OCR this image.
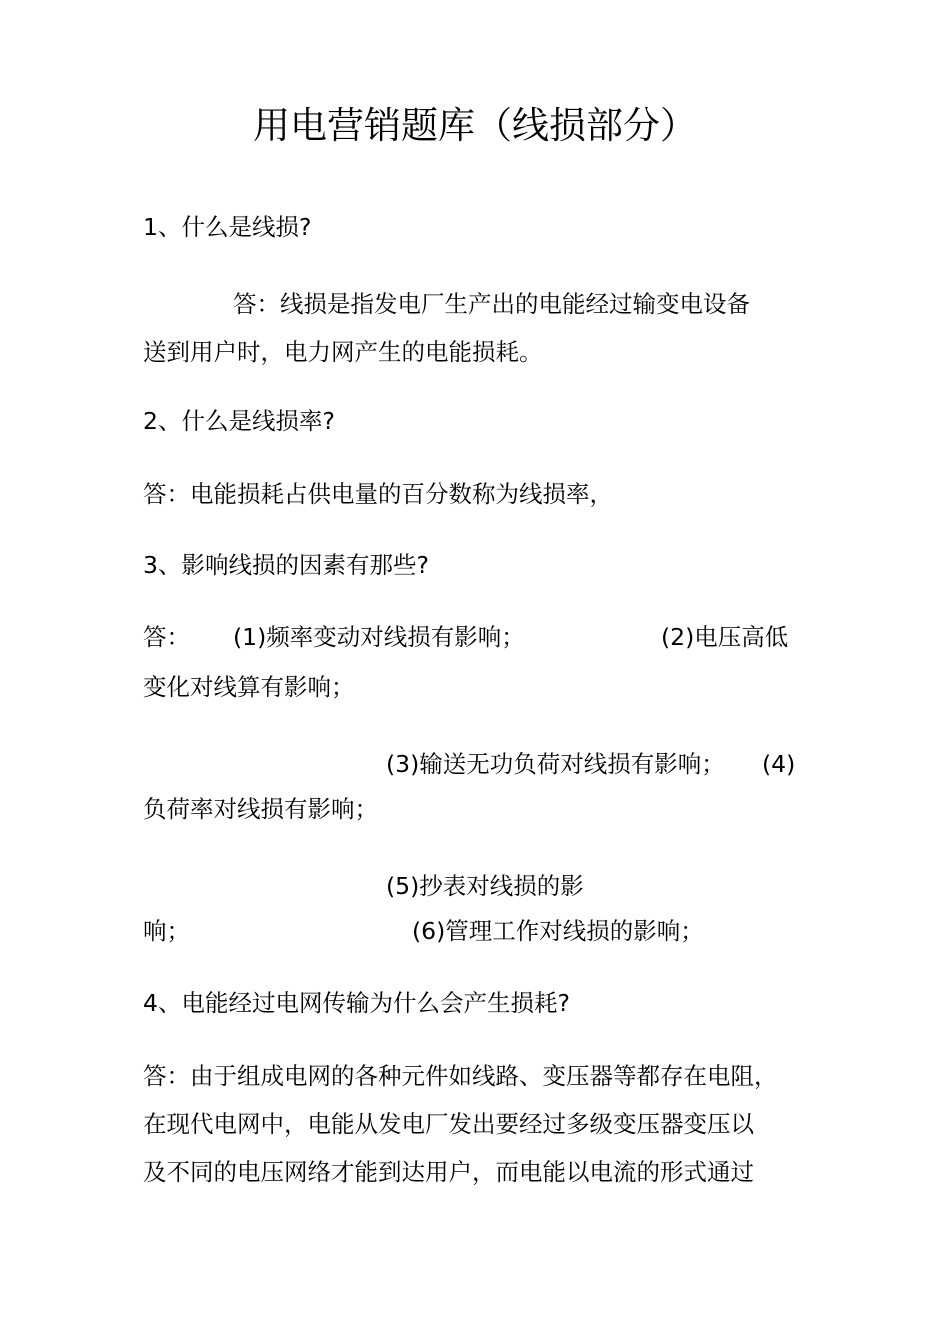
用电营销题库（线损部分）

1、什么是线损?

答：线损是指发电厂生产出的电能经过输变电设备

送到用户时，电力网产生的电能损耗。

2、什么是线损率?

答：电能损耗占供电量的百分数称为线损率，

3、影响线损的因素有那些?

答： (1)频率变动对线损有影响；	(2)电压高低

变化对线算有影响；

(3)输送无功负荷对线损有影响； (4)

负荷率对线损有影响；

(5)抄表对线损的影

响；	(6)管理工作对线损的影响；

4、电能经过电网传输为什么会产生损耗?

答：由于组成电网的各种元件如线路、变压器等都存在电阻，

在现代电网中，电能从发电厂发出要经过多级变压器变压以

及不同的电压网络才能到达用户，而电能以电流的形式通过
